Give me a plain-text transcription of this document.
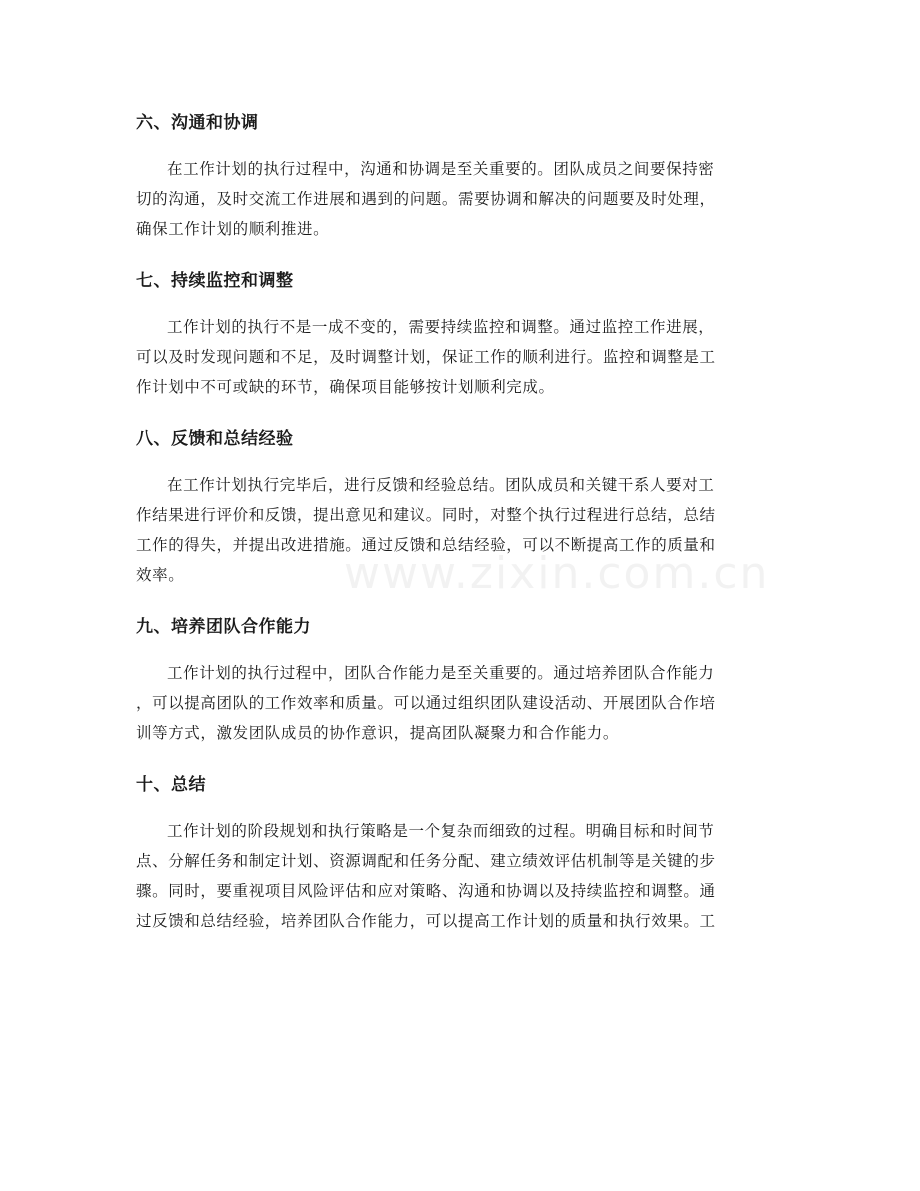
六、沟通和协调
在工作计划的执行过程中，沟通和协调是至关重要的。团队成员之间要保持密
切的沟通，及时交流工作进展和遇到的问题。需要协调和解决的问题要及时处理，
确保工作计划的顺利推进。
七、持续监控和调整
工作计划的执行不是一成不变的，需要持续监控和调整。通过监控工作进展，
可以及时发现问题和不足，及时调整计划，保证工作的顺利进行。监控和调整是工
作计划中不可或缺的环节，确保项目能够按计划顺利完成。
八、反馈和总结经验
在工作计划执行完毕后，进行反馈和经验总结。团队成员和关键干系人要对工
作结果进行评价和反馈，提出意见和建议。同时，对整个执行过程进行总结，总结
工作的得失，并提出改进措施。通过反馈和总结经验，可以不断提高工作的质量和
效率。
九、培养团队合作能力
工作计划的执行过程中，团队合作能力是至关重要的。通过培养团队合作能力
，可以提高团队的工作效率和质量。可以通过组织团队建设活动、开展团队合作培
训等方式，激发团队成员的协作意识，提高团队凝聚力和合作能力。
十、总结
工作计划的阶段规划和执行策略是一个复杂而细致的过程。明确目标和时间节
点、分解任务和制定计划、资源调配和任务分配、建立绩效评估机制等是关键的步
骤。同时，要重视项目风险评估和应对策略、沟通和协调以及持续监控和调整。通
过反馈和总结经验，培养团队合作能力，可以提高工作计划的质量和执行效果。工
www.zixin.com.cn
